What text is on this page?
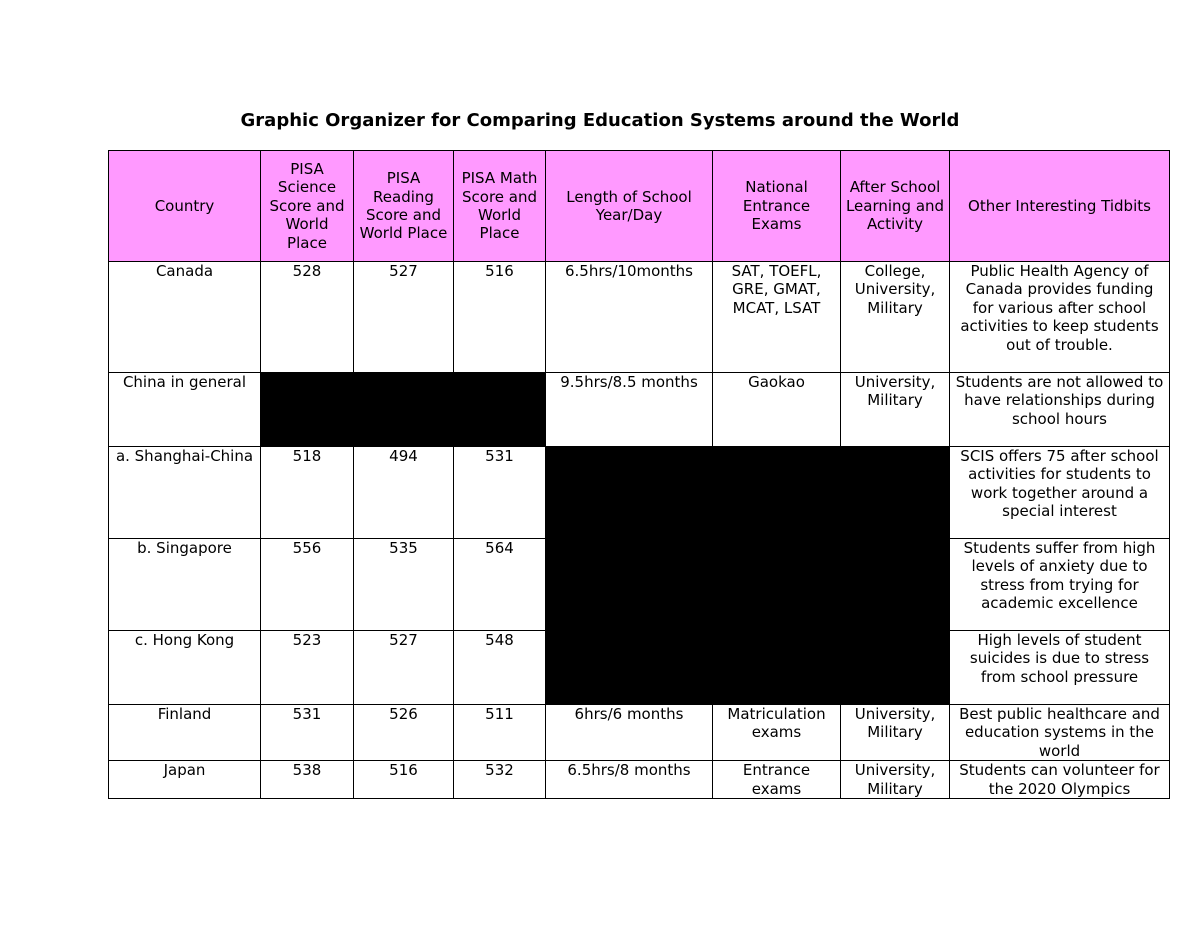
Graphic Organizer for Comparing Education Systems around the World
Country	PISA Science Score and World Place	PISA Reading Score and World Place	PISA Math Score and World Place	Length of School Year/Day	National Entrance Exams	After School Learning and Activity	Other Interesting Tidbits
Canada	528	527	516	6.5hrs/10months	SAT, TOEFL, GRE, GMAT, MCAT, LSAT	College, University, Military	Public Health Agency of Canada provides funding for various after school activities to keep students out of trouble.
China in general				9.5hrs/8.5 months	Gaokao	University, Military	Students are not allowed to have relationships during school hours
a. Shanghai-China	518	494	531				SCIS offers 75 after school activities for students to work together around a special interest
b. Singapore	556	535	564				Students suffer from high levels of anxiety due to stress from trying for academic excellence
c. Hong Kong	523	527	548				High levels of student suicides is due to stress from school pressure
Finland	531	526	511	6hrs/6 months	Matriculation exams	University, Military	Best public healthcare and education systems in the world
Japan	538	516	532	6.5hrs/8 months	Entrance exams	University, Military	Students can volunteer for the 2020 Olympics
